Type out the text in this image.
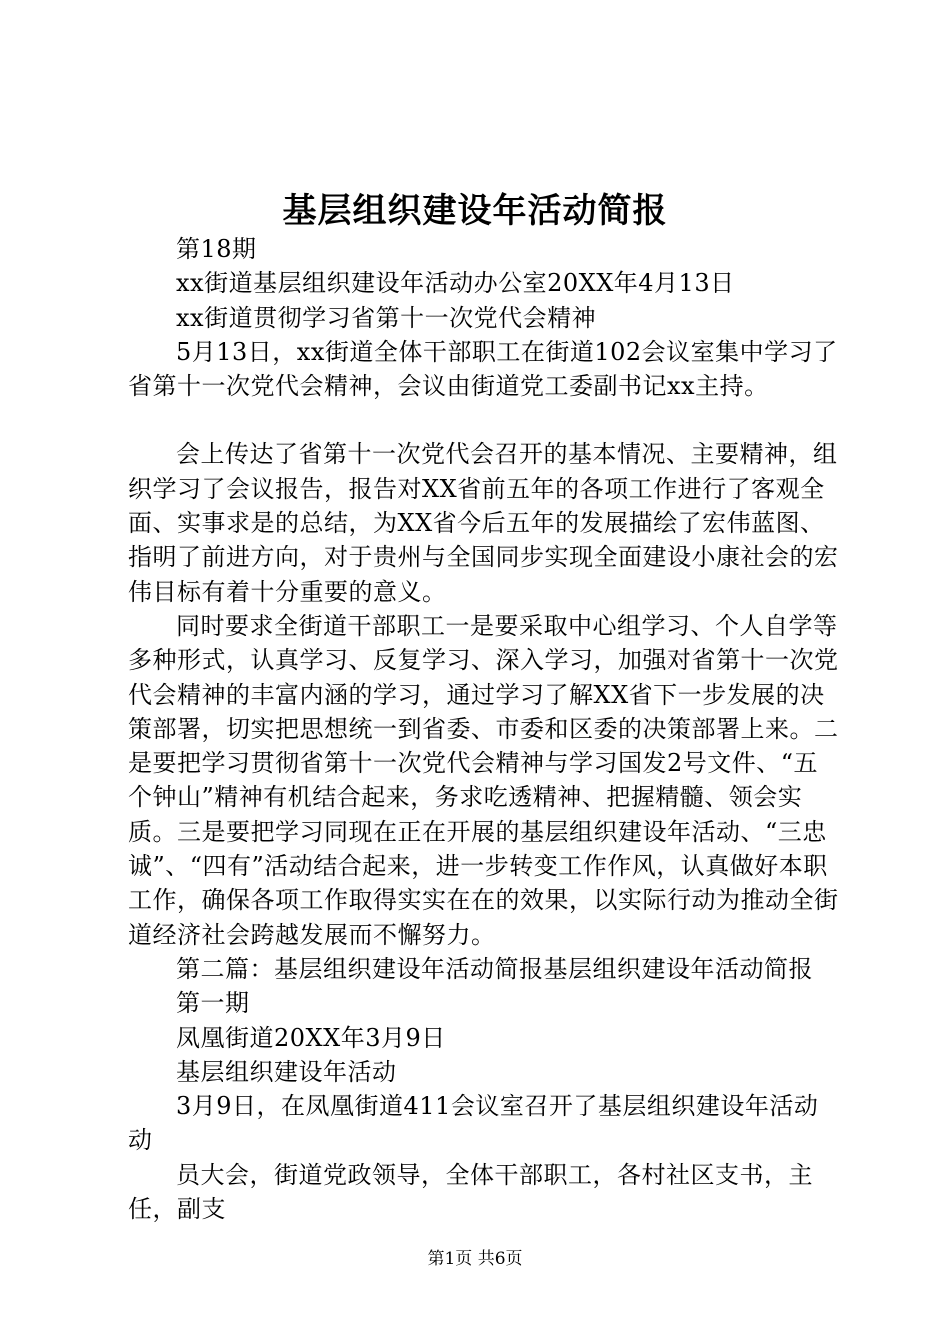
基层组织建设年活动简报

第18期

xx街道基层组织建设年活动办公室20XX年4月13日

xx街道贯彻学习省第十一次党代会精神

5月13日，xx街道全体干部职工在街道102会议室集中学习了省第十一次党代会精神，会议由街道党工委副书记xx主持。

会上传达了省第十一次党代会召开的基本情况、主要精神，组织学习了会议报告，报告对XX省前五年的各项工作进行了客观全面、实事求是的总结，为XX省今后五年的发展描绘了宏伟蓝图、指明了前进方向，对于贵州与全国同步实现全面建设小康社会的宏伟目标有着十分重要的意义。

同时要求全街道干部职工一是要采取中心组学习、个人自学等多种形式，认真学习、反复学习、深入学习，加强对省第十一次党代会精神的丰富内涵的学习，通过学习了解XX省下一步发展的决策部署，切实把思想统一到省委、市委和区委的决策部署上来。二是要把学习贯彻省第十一次党代会精神与学习国发2号文件、“五个钟山”精神有机结合起来，务求吃透精神、把握精髓、领会实质。三是要把学习同现在正在开展的基层组织建设年活动、“三忠诚”、“四有”活动结合起来，进一步转变工作作风，认真做好本职工作，确保各项工作取得实实在在的效果，以实际行动为推动全街道经济社会跨越发展而不懈努力。

第二篇：基层组织建设年活动简报基层组织建设年活动简报

第一期

凤凰街道20XX年3月9日

基层组织建设年活动

3月9日，在凤凰街道411会议室召开了基层组织建设年活动动

员大会，街道党政领导，全体干部职工，各村社区支书，主任，副支

第1页 共6页
